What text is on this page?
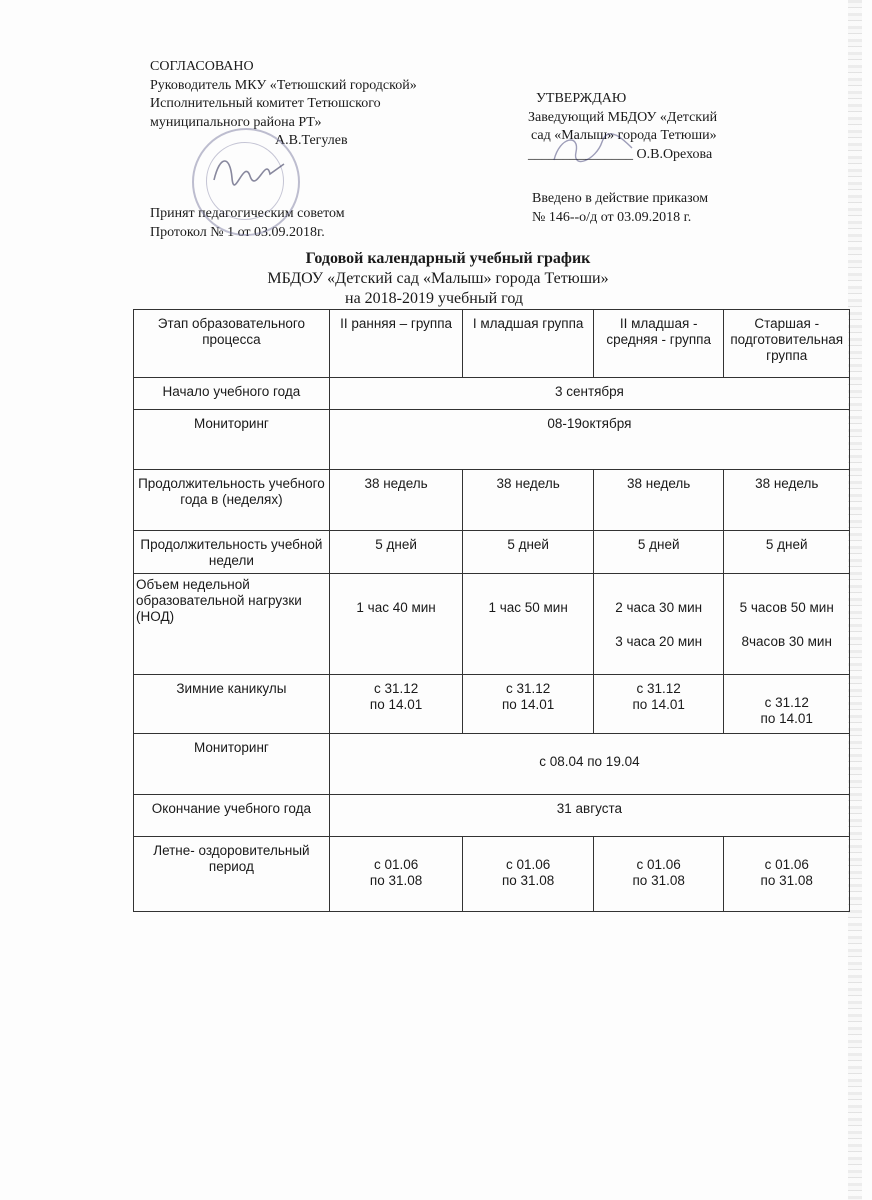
СОГЛАСОВАНО
Руководитель МКУ «Тетюшский городской»
Исполнительный комитет Тетюшского
муниципального района РТ»
А.В.Тегулев
Принят педагогическим советом
Протокол № 1 от 03.09.2018г.
УТВЕРЖДАЮ
Заведующий МБДОУ «Детский
сад «Малыш» города Тетюши»
_______________ О.В.Орехова
Введено в действие приказом
№ 146--о/д от 03.09.2018 г.
Годовой календарный учебный график
МБДОУ «Детский сад «Малыш» города Тетюши»
на 2018-2019 учебный год
Этап образовательного процесса	II ранняя – группа	I младшая группа	II младшая - средняя - группа	Старшая - подготовительная группа
Начало учебного года	3 сентября			
Мониторинг	08-19октября			
Продолжительность учебного года в (неделях)	38 недель	38 недель	38 недель	38 недель
Продолжительность учебной недели	5 дней	5 дней	5 дней	5 дней
Объем недельной образовательной нагрузки (НОД)	1 час 40 мин	1 час 50 мин	2 часа 30 мин
3 часа 20 мин	5 часов 50 мин
8часов 30 мин

Зимние каникулы	с 31.12
по 14.01	с 31.12
по 14.01	с 31.12
по 14.01	с 31.12
по 14.01

Мониторинг	с 08.04 по 19.04			
Окончание учебного года	31 августа			
Летне- оздоровительный период	с 01.06
по 31.08	с 01.06
по 31.08	с 01.06
по 31.08	с 01.06
по 31.08
